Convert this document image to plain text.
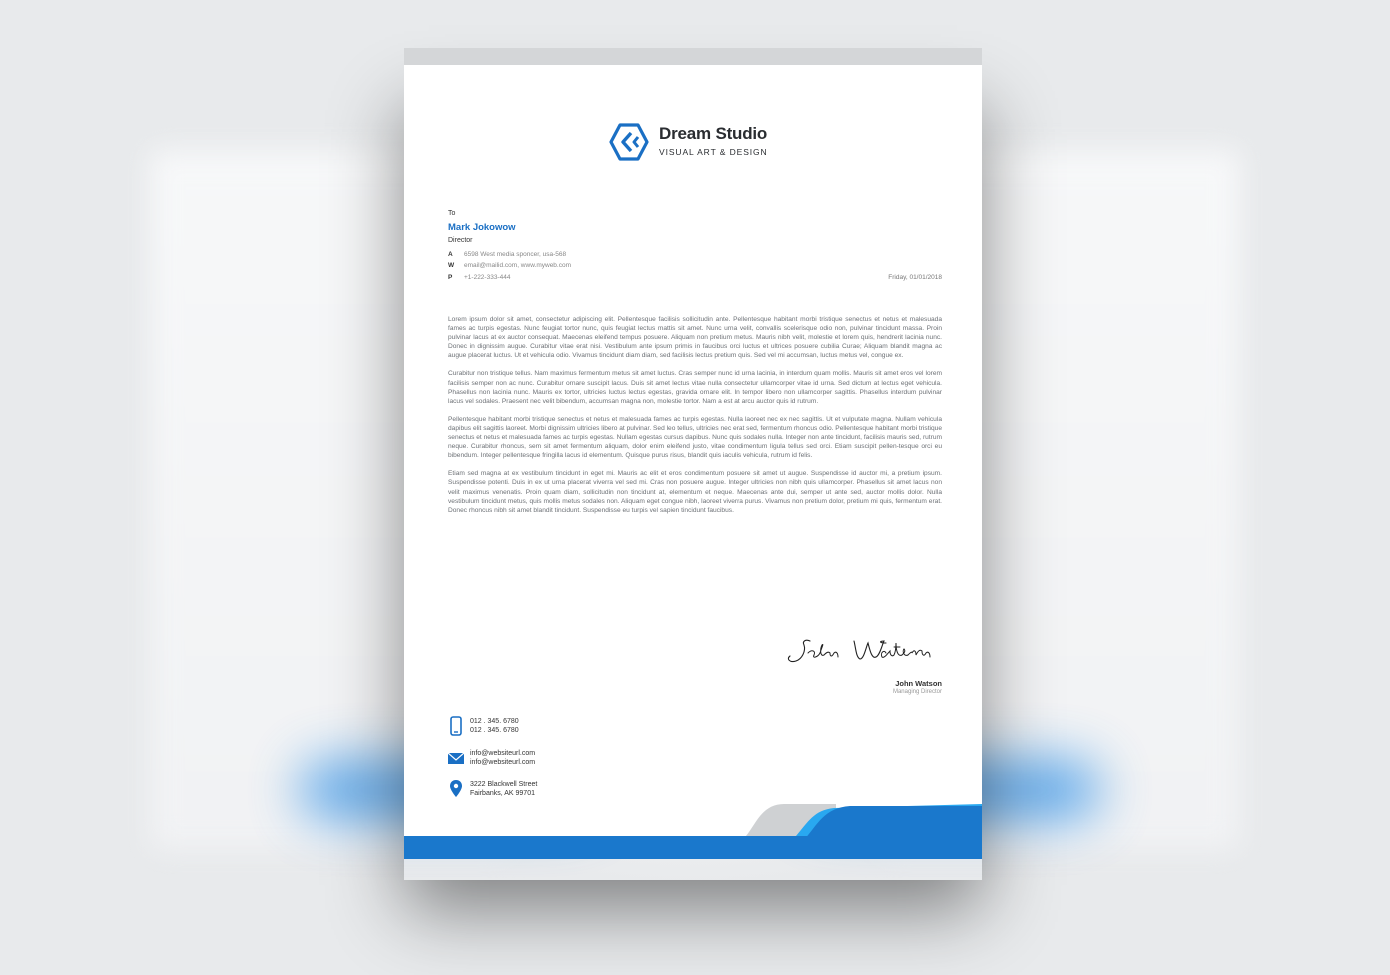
Dream Studio
VISUAL ART & DESIGN
To
Mark Jokowow
Director
A 6598 West media sponcer, usa-568
W email@mailid.com, www.myweb.com
P +1-222-333-444	Friday, 01/01/2018

Lorem ipsum dolor sit amet, consectetur adipiscing elit. Pellentesque facilisis sollicitudin ante. Pellentesque habitant morbi tristique senectus et netus et malesuada fames ac turpis egestas. Nunc feugiat tortor nunc, quis feugiat lectus mattis sit amet. Nunc urna velit, convallis scelerisque odio non, pulvinar tincidunt massa. Proin pulvinar lacus at ex auctor consequat. Maecenas eleifend tempus posuere. Aliquam non pretium metus. Mauris nibh velit, molestie et lorem quis, hendrerit lacinia nunc. Donec in dignissim augue. Curabitur vitae erat nisi. Vestibulum ante ipsum primis in faucibus orci luctus et ultrices posuere cubilia Curae; Aliquam blandit magna ac augue placerat luctus. Ut et vehicula odio. Vivamus tincidunt diam diam, sed facilisis lectus pretium quis. Sed vel mi accumsan, luctus metus vel, congue ex.

Curabitur non tristique tellus. Nam maximus fermentum metus sit amet luctus. Cras semper nunc id urna lacinia, in interdum quam mollis. Mauris sit amet eros vel lorem facilisis semper non ac nunc. Curabitur ornare suscipit lacus. Duis sit amet lectus vitae nulla consectetur ullamcorper vitae id urna. Sed dictum at lectus eget vehicula. Phasellus non lacinia nunc. Mauris ex tortor, ultricies luctus lectus egestas, gravida ornare elit. In tempor libero non ullamcorper sagittis. Phasellus interdum pulvinar lacus vel sodales. Praesent nec velit bibendum, accumsan magna non, molestie tortor. Nam a est at arcu auctor quis id rutrum.

Pellentesque habitant morbi tristique senectus et netus et malesuada fames ac turpis egestas. Nulla laoreet nec ex nec sagittis. Ut et vulputate magna. Nullam vehicula dapibus elit sagittis laoreet. Morbi dignissim ultricies libero at pulvinar. Sed leo tellus, ultricies nec erat sed, fermentum rhoncus odio. Pellentesque habitant morbi tristique senectus et netus et malesuada fames ac turpis egestas. Nullam egestas cursus dapibus. Nunc quis sodales nulla. Integer non ante tincidunt, facilisis mauris sed, rutrum neque. Curabitur rhoncus, sem sit amet fermentum aliquam, dolor enim eleifend justo, vitae condimentum ligula tellus sed orci. Etiam suscipit pellen-tesque orci eu bibendum. Integer pellentesque fringilla lacus id elementum. Quisque purus risus, blandit quis iaculis vehicula, rutrum id felis.

Etiam sed magna at ex vestibulum tincidunt in eget mi. Mauris ac elit et eros condimentum posuere sit amet ut augue. Suspendisse id auctor mi, a pretium ipsum. Suspendisse potenti. Duis in ex ut urna placerat viverra vel sed mi. Cras non posuere augue. Integer ultricies non nibh quis ullamcorper. Phasellus sit amet lacus non velit maximus venenatis. Proin quam diam, sollicitudin non tincidunt at, elementum et neque. Maecenas ante dui, semper ut ante sed, auctor mollis dolor. Nulla vestibulum tincidunt metus, quis mollis metus sodales non. Aliquam eget congue nibh, laoreet viverra purus. Vivamus non pretium dolor, pretium mi quis, fermentum erat. Donec rhoncus nibh sit amet blandit tincidunt. Suspendisse eu turpis vel sapien tincidunt faucibus.

John Watson
Managing Director
012 . 345. 6780
012 . 345. 6780
info@websiteurl.com
info@websiteurl.com
3222 Blackwell Street
Fairbanks, AK 99701
